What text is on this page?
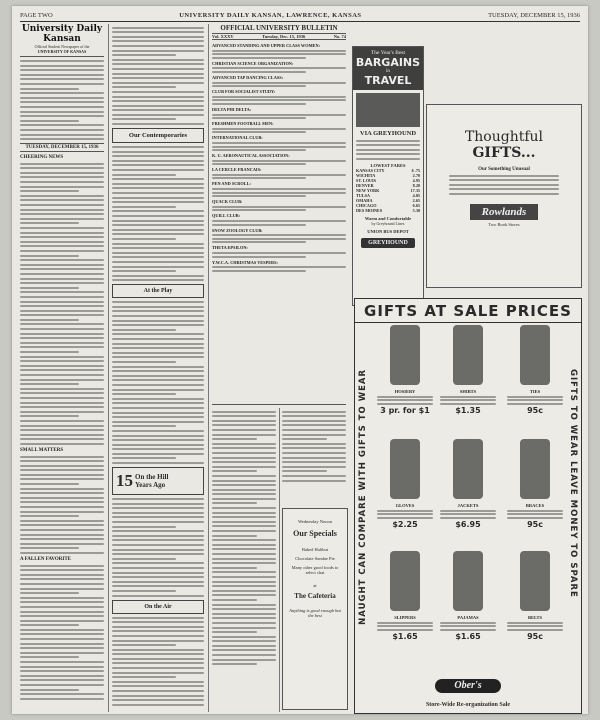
PAGE TWO	UNIVERSITY DAILY KANSAN, LAWRENCE, KANSAS	TUESDAY, DECEMBER 15, 1936
University Daily Kansan
Official Student Newspaper of the
UNIVERSITY OF KANSAS
TUESDAY, DECEMBER 15, 1936
CHEERING NEWS
SMALL MATTERS
A FALLEN FAVORITE
Our Contemporaries
At the Play
15 On the Hill
Years Ago
On the Air
OFFICIAL UNIVERSITY BULLETIN
Vol. XXXV	Tuesday, Dec. 15, 1936	No. 74
ADVANCED STANDING AND UPPER CLASS WOMEN:
CHRISTIAN SCIENCE ORGANIZATION:
ADVANCED TAP DANCING CLASS:
CLUB FOR SOCIALIST STUDY:
DELTA PHI DELTA:
FRESHMEN FOOTBALL MEN:
INTERNATIONAL CLUB:
K. U. AERONAUTICAL ASSOCIATION:
LA CERCLE FRANCAIS:
PEN AND SCROLL:
QUACK CLUB:
QUILL CLUB:
SNOW ZOOLOGY CLUB:
THETA EPSILON:
Y.W.C.A. CHRISTMAS VESPERS:
Wednesday Nooon
Our Specials
Baked Halibut
Chocolate Sundae Pie
Many other good foods to select chat
at
The Cafeteria
Anything is good enough but the best
The Year's Best
BARGAINS
in
TRAVEL
VIA GREYHOUND
LOWEST FARES
KANSAS CITY	$ .75
WICHITA	2.70
ST. LOUIS	4.95
DENVER	8.20
NEW YORK	17.35
TULSA	4.05
OMAHA	2.65
CHICAGO	6.65
DES MOINES	5.30
Warm and Comfortable
by Greyhound Lines
UNION BUS DEPOT
GREYHOUND
Thoughtful
GIFTS...
Our Something Unusual
Rowlands
Two Book Stores
GIFTS AT SALE PRICES
NAUGHT CAN COMPARE WITH GIFTS TO WEAR	GIFTS TO WEAR LEAVE MONEY TO SPARE
HOSIERY
3 pr. for $1
SHIRTS
$1.35
TIES
95c
GLOVES
$2.25
JACKETS
$6.95
BRACES
95c
SLIPPERS
$1.65
PAJAMAS
$1.65
BELTS
95c
Ober's
Store-Wide Re-organization Sale
